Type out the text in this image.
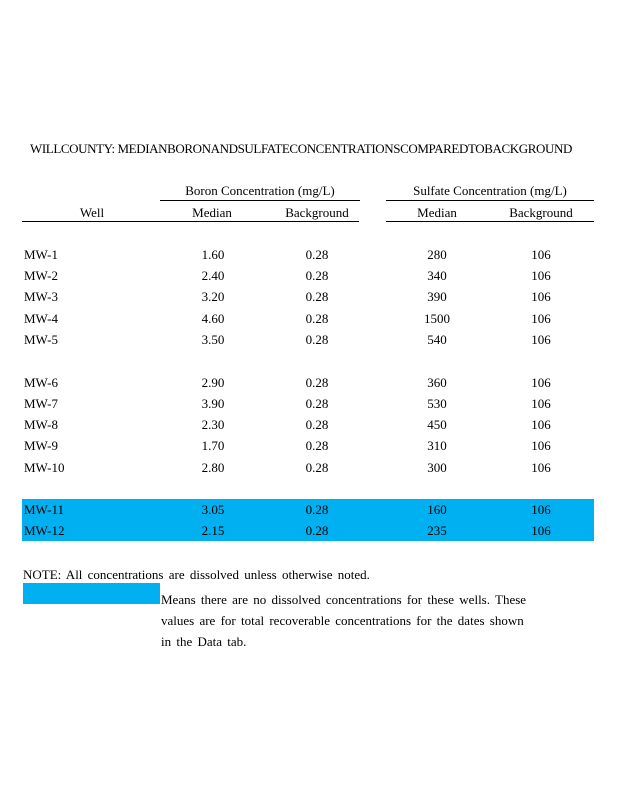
WILLCOUNTY: MEDIANBORONANDSULFATECONCENTRATIONSCOMPAREDTOBACKGROUND
Boron Concentration (mg/L)	Sulfate Concentration (mg/L)
Well	Median	Background	Median	Background
MW-1	1.60	0.28	280	106
MW-2	2.40	0.28	340	106
MW-3	3.20	0.28	390	106
MW-4	4.60	0.28	1500	106
MW-5	3.50	0.28	540	106
MW-6	2.90	0.28	360	106
MW-7	3.90	0.28	530	106
MW-8	2.30	0.28	450	106
MW-9	1.70	0.28	310	106
MW-10	2.80	0.28	300	106
MW-11	3.05	0.28	160	106
MW-12	2.15	0.28	235	106
NOTE: All concentrations are dissolved unless otherwise noted.
Means there are no dissolved concentrations for these wells. These
values are for total recoverable concentrations for the dates shown
in the Data tab.
